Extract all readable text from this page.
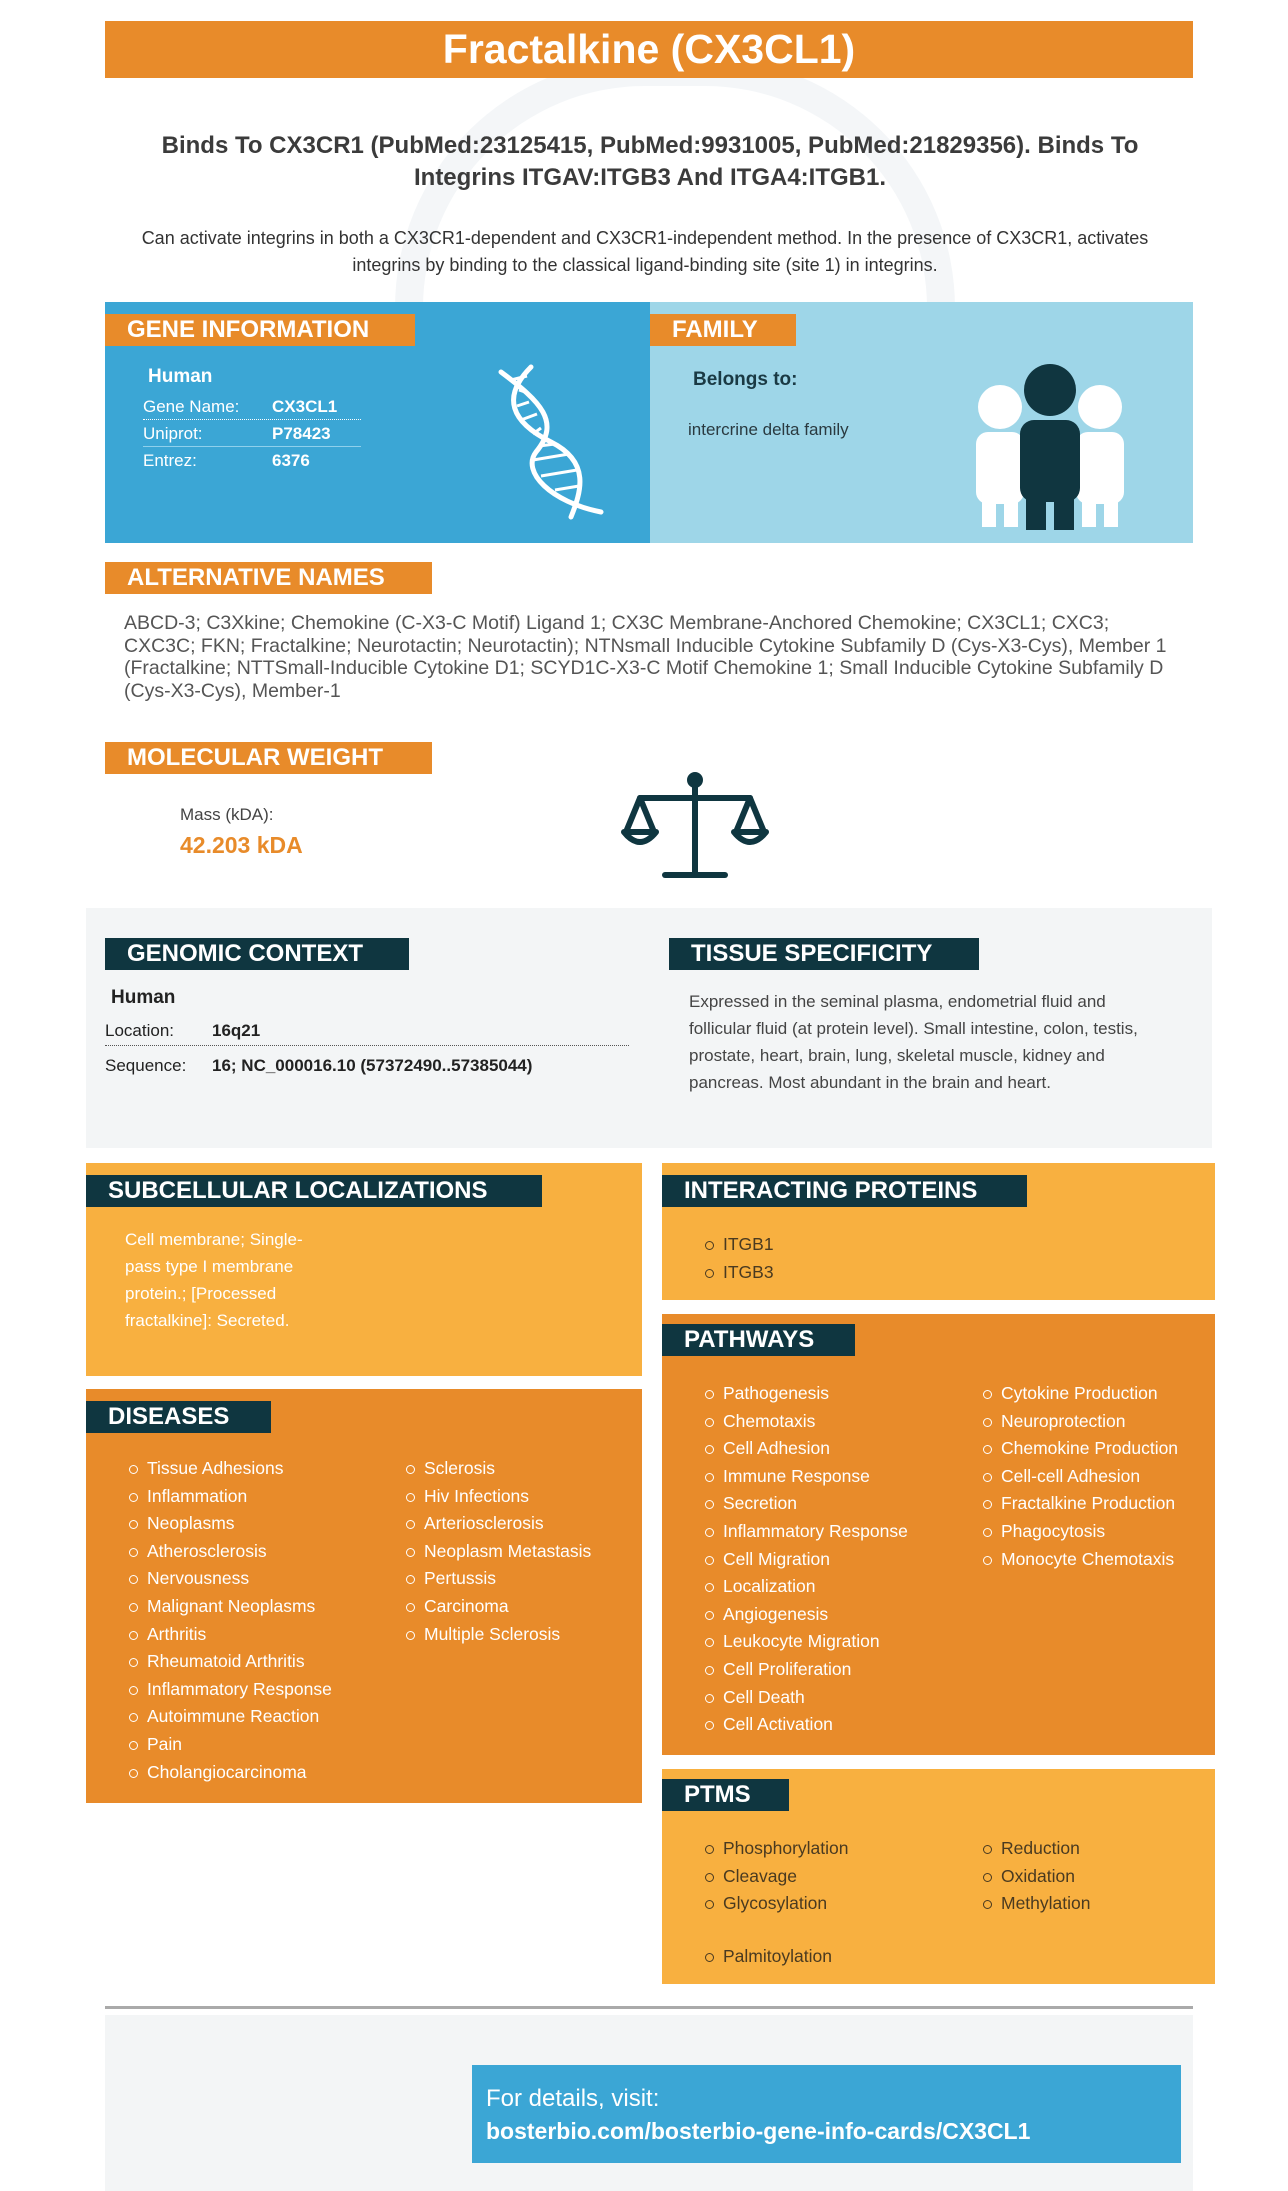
Fractalkine (CX3CL1)
Binds To CX3CR1 (PubMed:23125415, PubMed:9931005, PubMed:21829356). Binds To Integrins ITGAV:ITGB3 And ITGA4:ITGB1.
Can activate integrins in both a CX3CR1-dependent and CX3CR1-independent method. In the presence of CX3CR1, activates integrins by binding to the classical ligand-binding site (site 1) in integrins.
GENE INFORMATION
Human
Gene Name: CX3CL1
Uniprot:	P78423
Entrez:	6376
FAMILY
Belongs to:
intercrine delta family
ALTERNATIVE NAMES
ABCD-3; C3Xkine; Chemokine (C-X3-C Motif) Ligand 1; CX3C Membrane-Anchored Chemokine; CX3CL1; CXC3; CXC3C; FKN; Fractalkine; Neurotactin; Neurotactin); NTNsmall Inducible Cytokine Subfamily D (Cys-X3-Cys), Member 1 (Fractalkine; NTTSmall-Inducible Cytokine D1; SCYD1C-X3-C Motif Chemokine 1; Small Inducible Cytokine Subfamily D (Cys-X3-Cys), Member-1
MOLECULAR WEIGHT
Mass (kDA):
42.203 kDA
GENOMIC CONTEXT
Human
Location: 16q21
Sequence: 16; NC_000016.10 (57372490..57385044)
TISSUE SPECIFICITY
Expressed in the seminal plasma, endometrial fluid and follicular fluid (at protein level). Small intestine, colon, testis, prostate, heart, brain, lung, skeletal muscle, kidney and pancreas. Most abundant in the brain and heart.
SUBCELLULAR LOCALIZATIONS
Cell membrane; Single-pass type I membrane protein.; [Processed fractalkine]: Secreted.
INTERACTING PROTEINS
ITGB1
ITGB3
DISEASES
Tissue Adhesions
Inflammation
Neoplasms
Atherosclerosis
Nervousness
Malignant Neoplasms
Arthritis
Rheumatoid Arthritis
Inflammatory Response
Autoimmune Reaction
Pain
Cholangiocarcinoma
Sclerosis
Hiv Infections
Arteriosclerosis
Neoplasm Metastasis
Pertussis
Carcinoma
Multiple Sclerosis
PATHWAYS
Pathogenesis
Chemotaxis
Cell Adhesion
Immune Response
Secretion
Inflammatory Response
Cell Migration
Localization
Angiogenesis
Leukocyte Migration
Cell Proliferation
Cell Death
Cell Activation
Cytokine Production
Neuroprotection
Chemokine Production
Cell-cell Adhesion
Fractalkine Production
Phagocytosis
Monocyte Chemotaxis
PTMS
Phosphorylation
Cleavage
Glycosylation
Reduction
Oxidation
Methylation
Palmitoylation
For details, visit:
bosterbio.com/bosterbio-gene-info-cards/CX3CL1
